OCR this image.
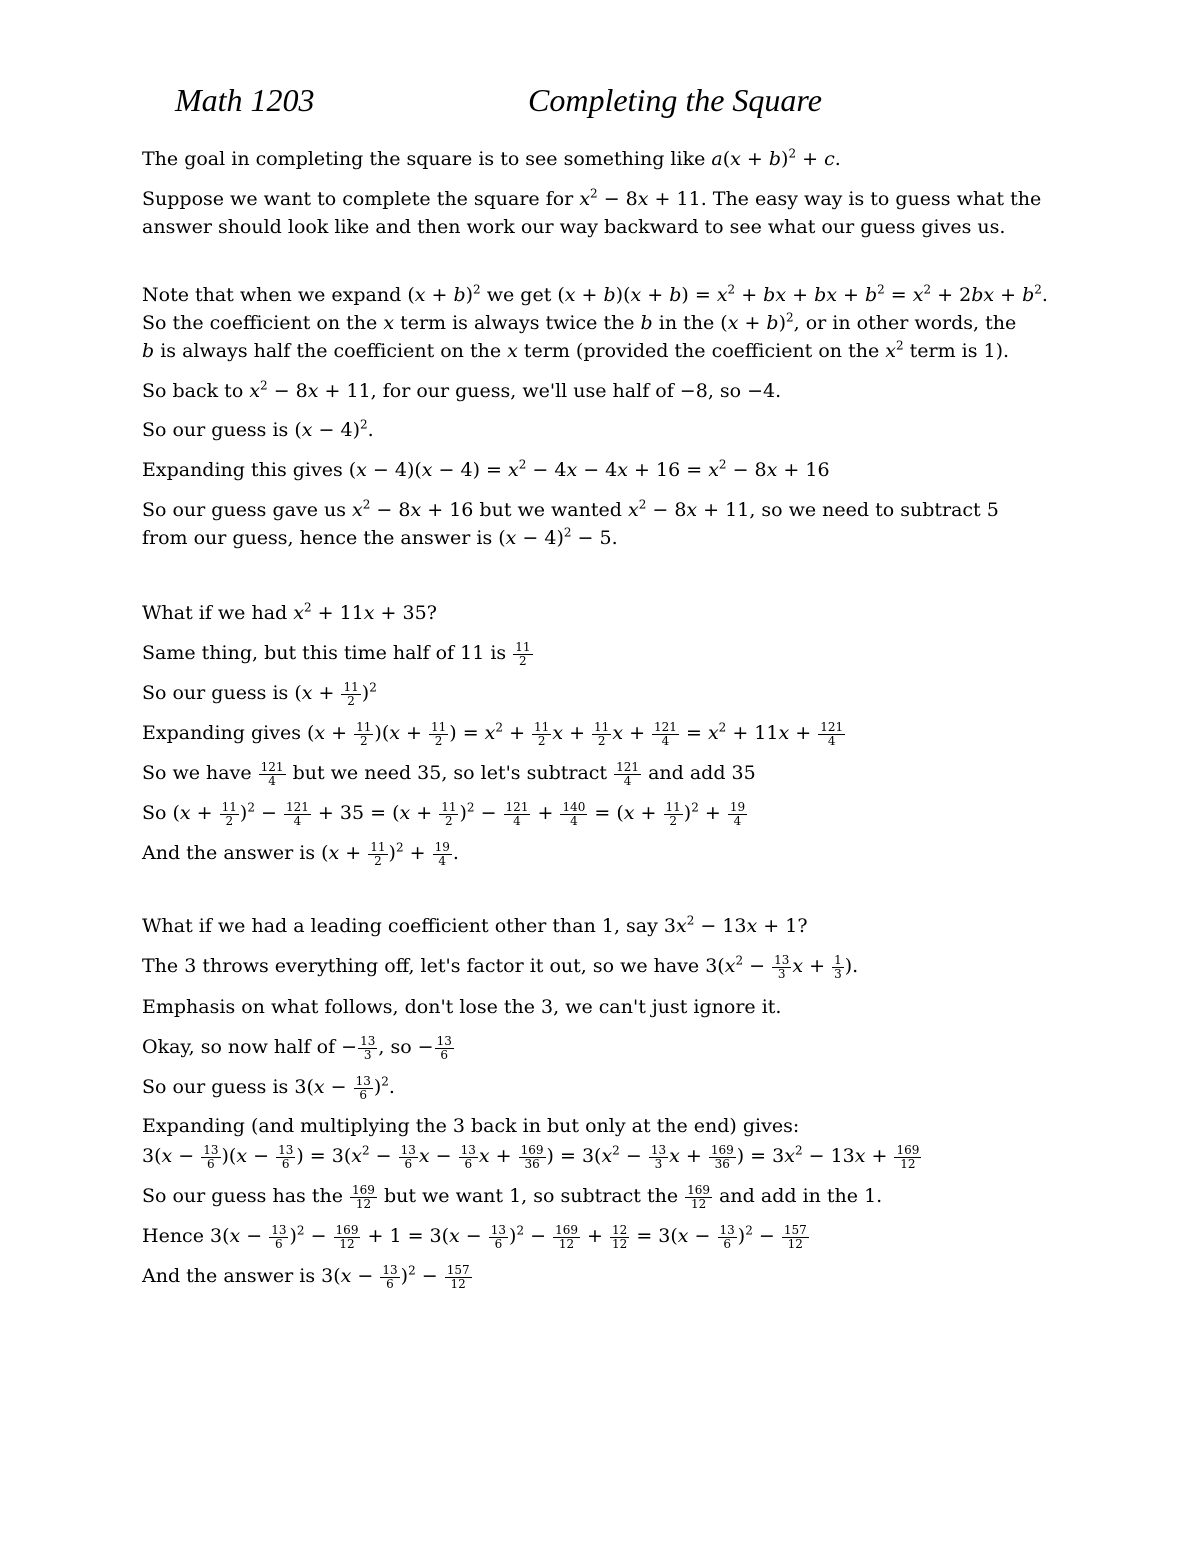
Math 1203	Completing the Square
The goal in completing the square is to see something like $a(x + b)^2 + c$.
Suppose we want to complete the square for $x^2 - 8x + 11$. The easy way is to guess what the answer should look like and then work our way backward to see what our guess gives us.
Note that when we expand $(x + b)^2$ we get $(x + b)(x + b) = x^2$ + bx + bx + $b^2 = x^2 + 2bx + b^2$.
So the coefficient on the x term is always twice the b in the $(x + b)^2$, or in other words, the
b is always half the coefficient on the x term (provided the coefficient on the $x^2$ term is 1).
So back to $x^2 - 8x + 11$, for our guess, we'll use half of −8, so −4.
So our guess is $(x - 4)^2$.
Expanding this gives $(x - 4)(x - 4) = x^2 - 4x - 4x + 16 = x^2 - 8x + 16$
So our guess gave us $x^2 - 8x + 16$ but we wanted $x^2 - 8x + 11$, so we need to subtract 5
from our guess, hence the answer is $(x - 4)^2 - 5$.
What if we had $x^2 + 11x + 35$?
Same thing, but this time half of 11 is $\frac{11}{2}$
So our guess is $(x + \frac{11}{2} )^2$
Expanding gives $(x + \frac{11}{2} )(x + \frac{11}{2}$ ) = $x^2 + \frac{11}{2}$ $x + \frac{11}{2}$ $x + \frac{121}{4} = x^2 + 11x + \frac{121}{4}$
So we have $\frac{121}{4}$ but we need 35, so let's subtract $\frac{121}{4}$ and add 35
So $(x + \frac{11}{2} )^2 - \frac{121}{4} + 35 = (x + \frac{11}{2} )^2 - \frac{121}{4} + \frac{140}{4} = (x + \frac{11}{2} )^2 + \frac{19}{4}$
And the answer is $(x + \frac{11}{2} )^2 + \frac{19}{4}$ .
What if we had a leading coefficient other than 1, say $3x^2 - 13x + 1$?
The 3 throws everything off, let's factor it out, so we have $3(x^2 - \frac{13}{3}$ $x + \frac{1}{3}$ ).
Emphasis on what follows, don't lose the 3, we can't just ignore it.
Okay, so now half of − $\frac{13}{3}$ , so − $\frac{13}{6}$
So our guess is $3(x - \frac{13}{6} )^2$.
Expanding (and multiplying the 3 back in but only at the end) gives:
$3(x - \frac{13}{6} )(x - \frac{13}{6}$ ) = $3(x^2 - \frac{13}{6}$ $x - \frac{13}{6}$ $x + \frac{169}{36}$ ) = $3(x^2 - \frac{13}{3}$ $x + \frac{169}{36}$ ) = $3x^2 - 13x + \frac{169}{12}$
So our guess has the $\frac{169}{12}$ but we want 1, so subtract the $\frac{169}{12}$ and add in the 1.
Hence $3(x - \frac{13}{6} )^2 - \frac{169}{12} + 1 = 3(x - \frac{13}{6} )^2 - \frac{169}{12} + \frac{12}{12} = 3(x - \frac{13}{6} )^2 - \frac{157}{12}$
And the answer is $3(x - \frac{13}{6} )^2 - \frac{157}{12}$
